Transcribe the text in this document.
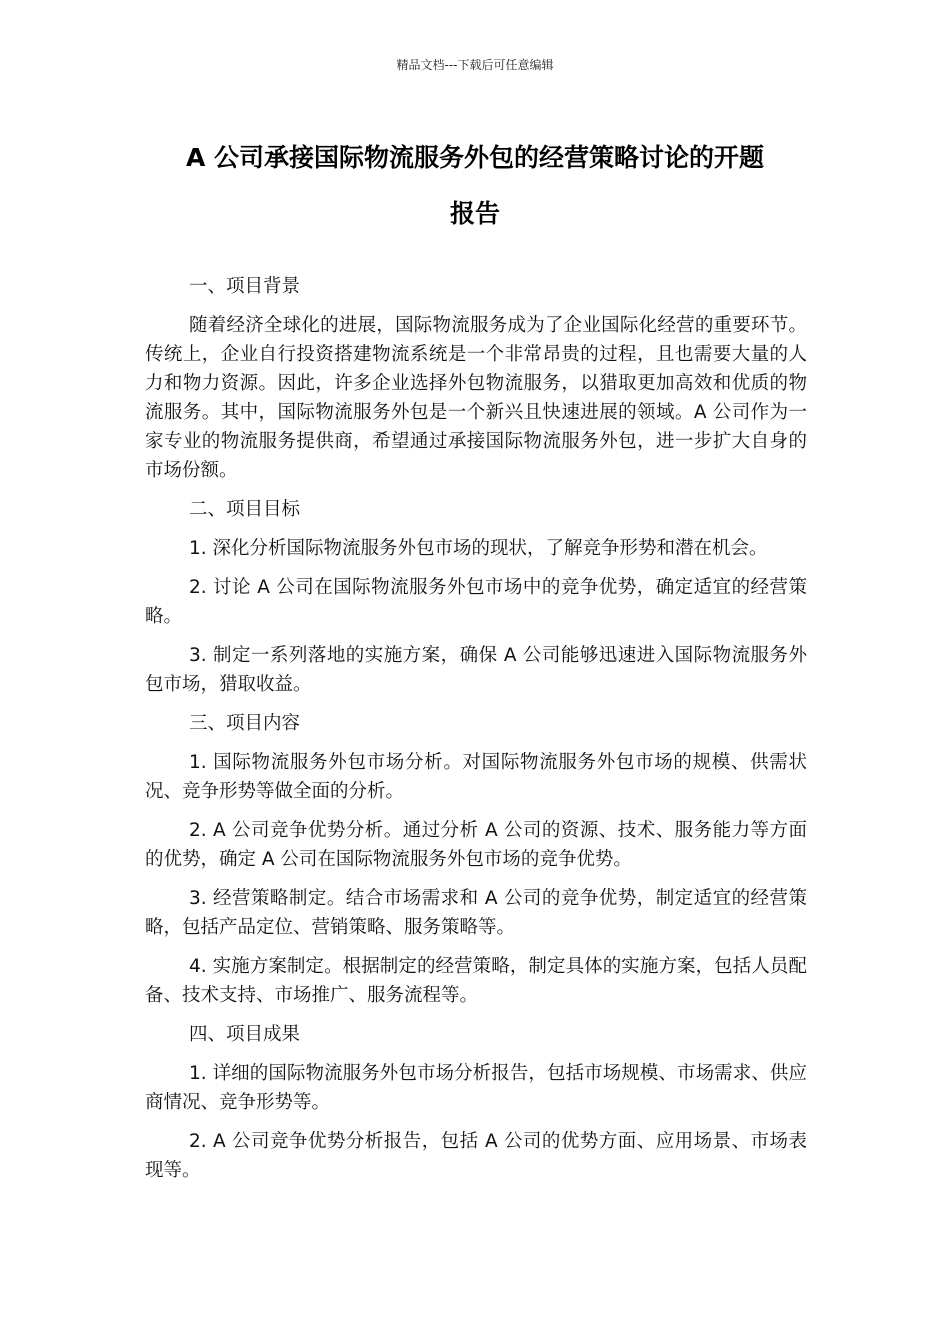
精品文档---下载后可任意编辑
A 公司承接国际物流服务外包的经营策略讨论的开题
报告

一、项目背景

随着经济全球化的进展，国际物流服务成为了企业国际化经营的重要环节。传统上，企业自行投资搭建物流系统是一个非常昂贵的过程，且也需要大量的人力和物力资源。因此，许多企业选择外包物流服务，以猎取更加高效和优质的物流服务。其中，国际物流服务外包是一个新兴且快速进展的领域。A 公司作为一家专业的物流服务提供商，希望通过承接国际物流服务外包，进一步扩大自身的市场份额。

二、项目目标

1. 深化分析国际物流服务外包市场的现状，了解竞争形势和潜在机会。

2. 讨论 A 公司在国际物流服务外包市场中的竞争优势，确定适宜的经营策略。

3. 制定一系列落地的实施方案，确保 A 公司能够迅速进入国际物流服务外包市场，猎取收益。

三、项目内容

1. 国际物流服务外包市场分析。对国际物流服务外包市场的规模、供需状况、竞争形势等做全面的分析。

2. A 公司竞争优势分析。通过分析 A 公司的资源、技术、服务能力等方面的优势，确定 A 公司在国际物流服务外包市场的竞争优势。

3. 经营策略制定。结合市场需求和 A 公司的竞争优势，制定适宜的经营策略，包括产品定位、营销策略、服务策略等。

4. 实施方案制定。根据制定的经营策略，制定具体的实施方案，包括人员配备、技术支持、市场推广、服务流程等。

四、项目成果

1. 详细的国际物流服务外包市场分析报告，包括市场规模、市场需求、供应商情况、竞争形势等。

2. A 公司竞争优势分析报告，包括 A 公司的优势方面、应用场景、市场表现等。
